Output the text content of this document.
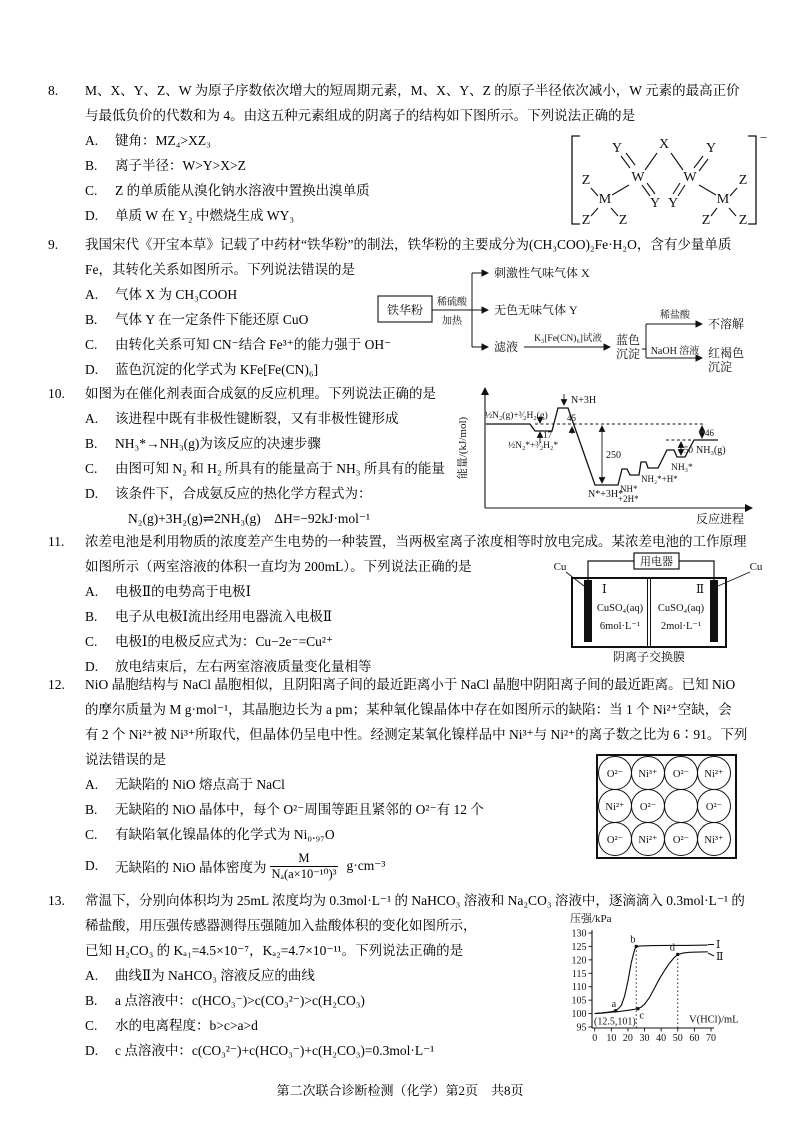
8. M、X、Y、Z、W 为原子序数依次增大的短周期元素，M、X、Y、Z 的原子半径依次减小，W 元素的最高正价
与最低负价的代数和为 4。由这五种元素组成的阴离子的结构如下图所示。下列说法正确的是
A. 键角：MZ₄>XZ₃
B. 离子半径：W>Y>X>Z
C. Z 的单质能从溴化钠水溶液中置换出溴单质
D. 单质 W 在 Y₂ 中燃烧生成 WY₃
−
Y	X	Y
W	W
Y Y
M	M
Z
Z Z
Z
Z Z
9. 我国宋代《开宝本草》记载了中药材“铁华粉”的制法，铁华粉的主要成分为(CH₃COO)₂Fe·H₂O，含有少量单质
Fe，其转化关系如图所示。下列说法错误的是
A. 气体 X 为 CH₃COOH
B. 气体 Y 在一定条件下能还原 CuO
C. 由转化关系可知 CN⁻结合 Fe³⁺的能力强于 OH⁻
D. 蓝色沉淀的化学式为 KFe[Fe(CN)₆]
铁华粉
稀硫酸
加热
刺激性气味气体 X
无色无味气体 Y
滤液
K₃[Fe(CN)₆]试液 蓝色
沉淀
稀盐酸
不溶解
NaOH 溶液 红褐色
沉淀
10. 如图为在催化剂表面合成氨的反应机理。下列说法正确的是
A. 该进程中既有非极性键断裂，又有非极性键形成
B. NH₃*→NH₃(g)为该反应的决速步骤
C. 由图可知 N₂ 和 H₂ 所具有的能量高于 NH₃ 所具有的能量
D. 该条件下，合成氨反应的热化学方程式为：
N₂(g)+3H₂(g)⇌2NH₃(g)　ΔH=−92kJ·mol⁻¹
能量/(kJ/mol)
反应进程
17
45
250	50
46
½N₂(g)+³⁄₂H₂(g)
½N₂*+³⁄₂H₂*
N+3H
N*+3H*
NH*
+2H*
NH₂*+H*
NH₃*
NH₃(g)
11. 浓差电池是利用物质的浓度差产生电势的一种装置，当两极室离子浓度相等时放电完成。某浓差电池的工作原理
如图所示（两室溶液的体积一直均为 200mL）。下列说法正确的是
A. 电极Ⅱ的电势高于电极Ⅰ
B. 电子从电极Ⅰ流出经用电器流入电极Ⅱ
C. 电极Ⅰ的电极反应式为：Cu−2e⁻=Cu²⁺
D. 放电结束后，左右两室溶液质量变化量相等
用电器
Cu	Cu
Ⅰ	Ⅱ
CuSO₄(aq)
6mol·L⁻¹
CuSO₄(aq)
2mol·L⁻¹
阴离子交换膜
12. NiO 晶胞结构与 NaCl 晶胞相似，且阴阳离子间的最近距离小于 NaCl 晶胞中阴阳离子间的最近距离。已知 NiO
的摩尔质量为 M g·mol⁻¹，其晶胞边长为 a pm；某种氧化镍晶体中存在如图所示的缺陷：当 1 个 Ni²⁺空缺，会
有 2 个 Ni²⁺被 Ni³⁺所取代，但晶体仍呈电中性。经测定某氧化镍样品中 Ni³⁺与 Ni²⁺的离子数之比为 6∶91。下列
说法错误的是
A. 无缺陷的 NiO 熔点高于 NaCl
B. 无缺陷的 NiO 晶体中，每个 O²⁻周围等距且紧邻的 O²⁻有 12 个
C. 有缺陷氧化镍晶体的化学式为 Ni₀.₉₇O
D.	无缺陷的 NiO 晶体密度为 $\frac{M}{\text{Nₐ(a×10⁻¹⁰)³}} g\cdot cm^{-3}$
O²⁻ Ni³⁺ O²⁻ Ni²⁺
Ni²⁺ O²⁻	O²⁻
O²⁻ Ni²⁺ O²⁻ Ni³⁺
13. 常温下，分别向体积均为 25mL 浓度均为 0.3mol·L⁻¹ 的 NaHCO₃ 溶液和 Na₂CO₃ 溶液中，逐滴滴入 0.3mol·L⁻¹ 的
稀盐酸，用压强传感器测得压强随加入盐酸体积的变化如图所示，
已知 H₂CO₃ 的 Kₐ₁=4.5×10⁻⁷，Kₐ₂=4.7×10⁻¹¹。下列说法正确的是
A. 曲线Ⅱ为 NaHCO₃ 溶液反应的曲线
B. a 点溶液中：c(HCO₃⁻)>c(CO₃²⁻)>c(H₂CO₃)
C. 水的电离程度：b>c>a>d
D. c 点溶液中：c(CO₃²⁻)+c(HCO₃⁻)+c(H₂CO₃)=0.3mol·L⁻¹
压强/kPa
V(HCl)/mL
(12.5,101)
Ⅰ
Ⅱ
0 10 20 30 40 50 60 70
95
100
105
110
115
120
125
130
a
b
c
d
第二次联合诊断检测（化学）第2页　共8页
